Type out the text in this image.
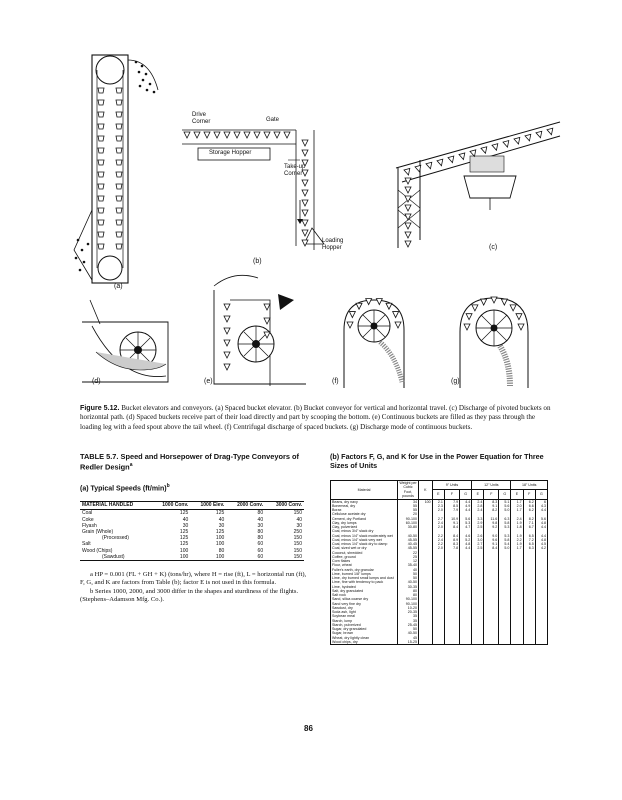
Drive Corner	Gate
Storage Hopper
Take-up Corner
Loading Hopper
(a)
(b)
(c)
(d)	(e)	(f)	(g)
Figure 5.12. Bucket elevators and conveyors. (a) Spaced bucket elevator. (b) Bucket conveyor for vertical and horizontal travel. (c) Discharge of pivoted buckets on horizontal path. (d) Spaced buckets receive part of their load directly and part by scooping the bottom. (e) Continuous buckets are filled as they pass through the loading leg with a feed spout above the tail wheel. (f) Centrifugal discharge of spaced buckets. (g) Discharge mode of continuous buckets.
TABLE 5.7. Speed and Horsepower of Drag-Type Conveyors of Redler Design$^a$
(a) Typical Speeds $(ft/\min)^b$
MATERIAL HANDLED	1000 Conv.	1000 Elev.	2000 Conv.	3000 Conv.
Coal	125	125	80	150
Coke	40	40	40	40
Flyash	30	30	30	30
Grain (Whole)	125	125	80	250
(Processed)	125	100	80	150
Salt	125	100	60	150
Wood (Chips)	100	80	60	150
(Sawdust)	100	100	60	150

a HP = 0.001 (FL + GH + K) (tons/hr), where H = rise (ft), L = horizontal run (ft), F, G, and K are factors from Table (b); factor E is not used in this formula.

b Series 1000, 2000, and 3000 differ in the shapes and sturdiness of the flights.

(Stephens–Adamson Mfg. Co.).

(b) Factors F, G, and K for Use in the Power Equation for Three Sizes of Units
Material	Weight per Cubic Foot, pounds	K	9" Units			12" Units			18" Units		
			E	F	G	E	F	G	E	F	G
Beans, dry navy	34	100	2.1	7.9	4.4	2.4	8.3	5.1	1.7	6.2	6
Bonemeal, dry	55		2.3	8.5	4.9	2.8	9.1	5.6	2.0	6.6	4.3
Borax	55		2.0	7.9	4.4	2.4	8.2	5.0	1.7	6.2	4.4
Cellulose acetate dry	20										
Cement, dry Portland	90-100		2.7	10.9	5.6	3.3	11.6	6.3	2.4	8.2	5.6
Clay, dry lumps	60-100		2.4	9.1	5.3	2.9	9.8	5.8	1.9	7.1	4.8
Clay, pulverized	30-80		2.0	8.4	4.7	2.5	9.2	5.3	1.8	6.7	4.4
Coal, minus 3/4" slack dry											
Coal, minus 1/4" slack moderately wet	40-50		2.2	8.4	4.6	2.6	9.0	5.3	1.9	6.5	4.4
Coal, minus 1/4" slack very wet	45-55		2.4	8.9	5.2	3.0	9.6	5.8	2.2	7.2	4.8
Coal, minus 1/4" slack dry to damp	40-45		2.2	8.3	4.8	2.7	9.1	5.4	1.9	6.5	4.5
Coal, sized wet or dry	45-55		2.0	7.8	4.4	2.5	8.4	5.0	1.7	6.3	4.2
Coconut, shredded	22										
Coffee, ground	25										
Corn flakes	12										
Flour, wheat	35-40										
Fuller's earth, dry granular	40										
Lime, burned 1/8" lumps	50										
Lime, dry burned small lumps and dust	50										
Lime, fine with tendency to pack	40-50										
Lime, hydrated	30-35										
Salt, dry granulated	80										
Salt rock	80										
Sand, silica coarse dry	90-100										
Sand very fine dry	90-100										
Sawdust, dry	10-20										
Soda ash, light	20-35										
Soybean meal	35										
Starch, lump	35										
Starch, pulverized	25-45										
Sugar, dry granulated	50										
Sugar, brown	40-50										
Wheat, dry lightly clean	45										
Wood chips, dry	15-25										
86
